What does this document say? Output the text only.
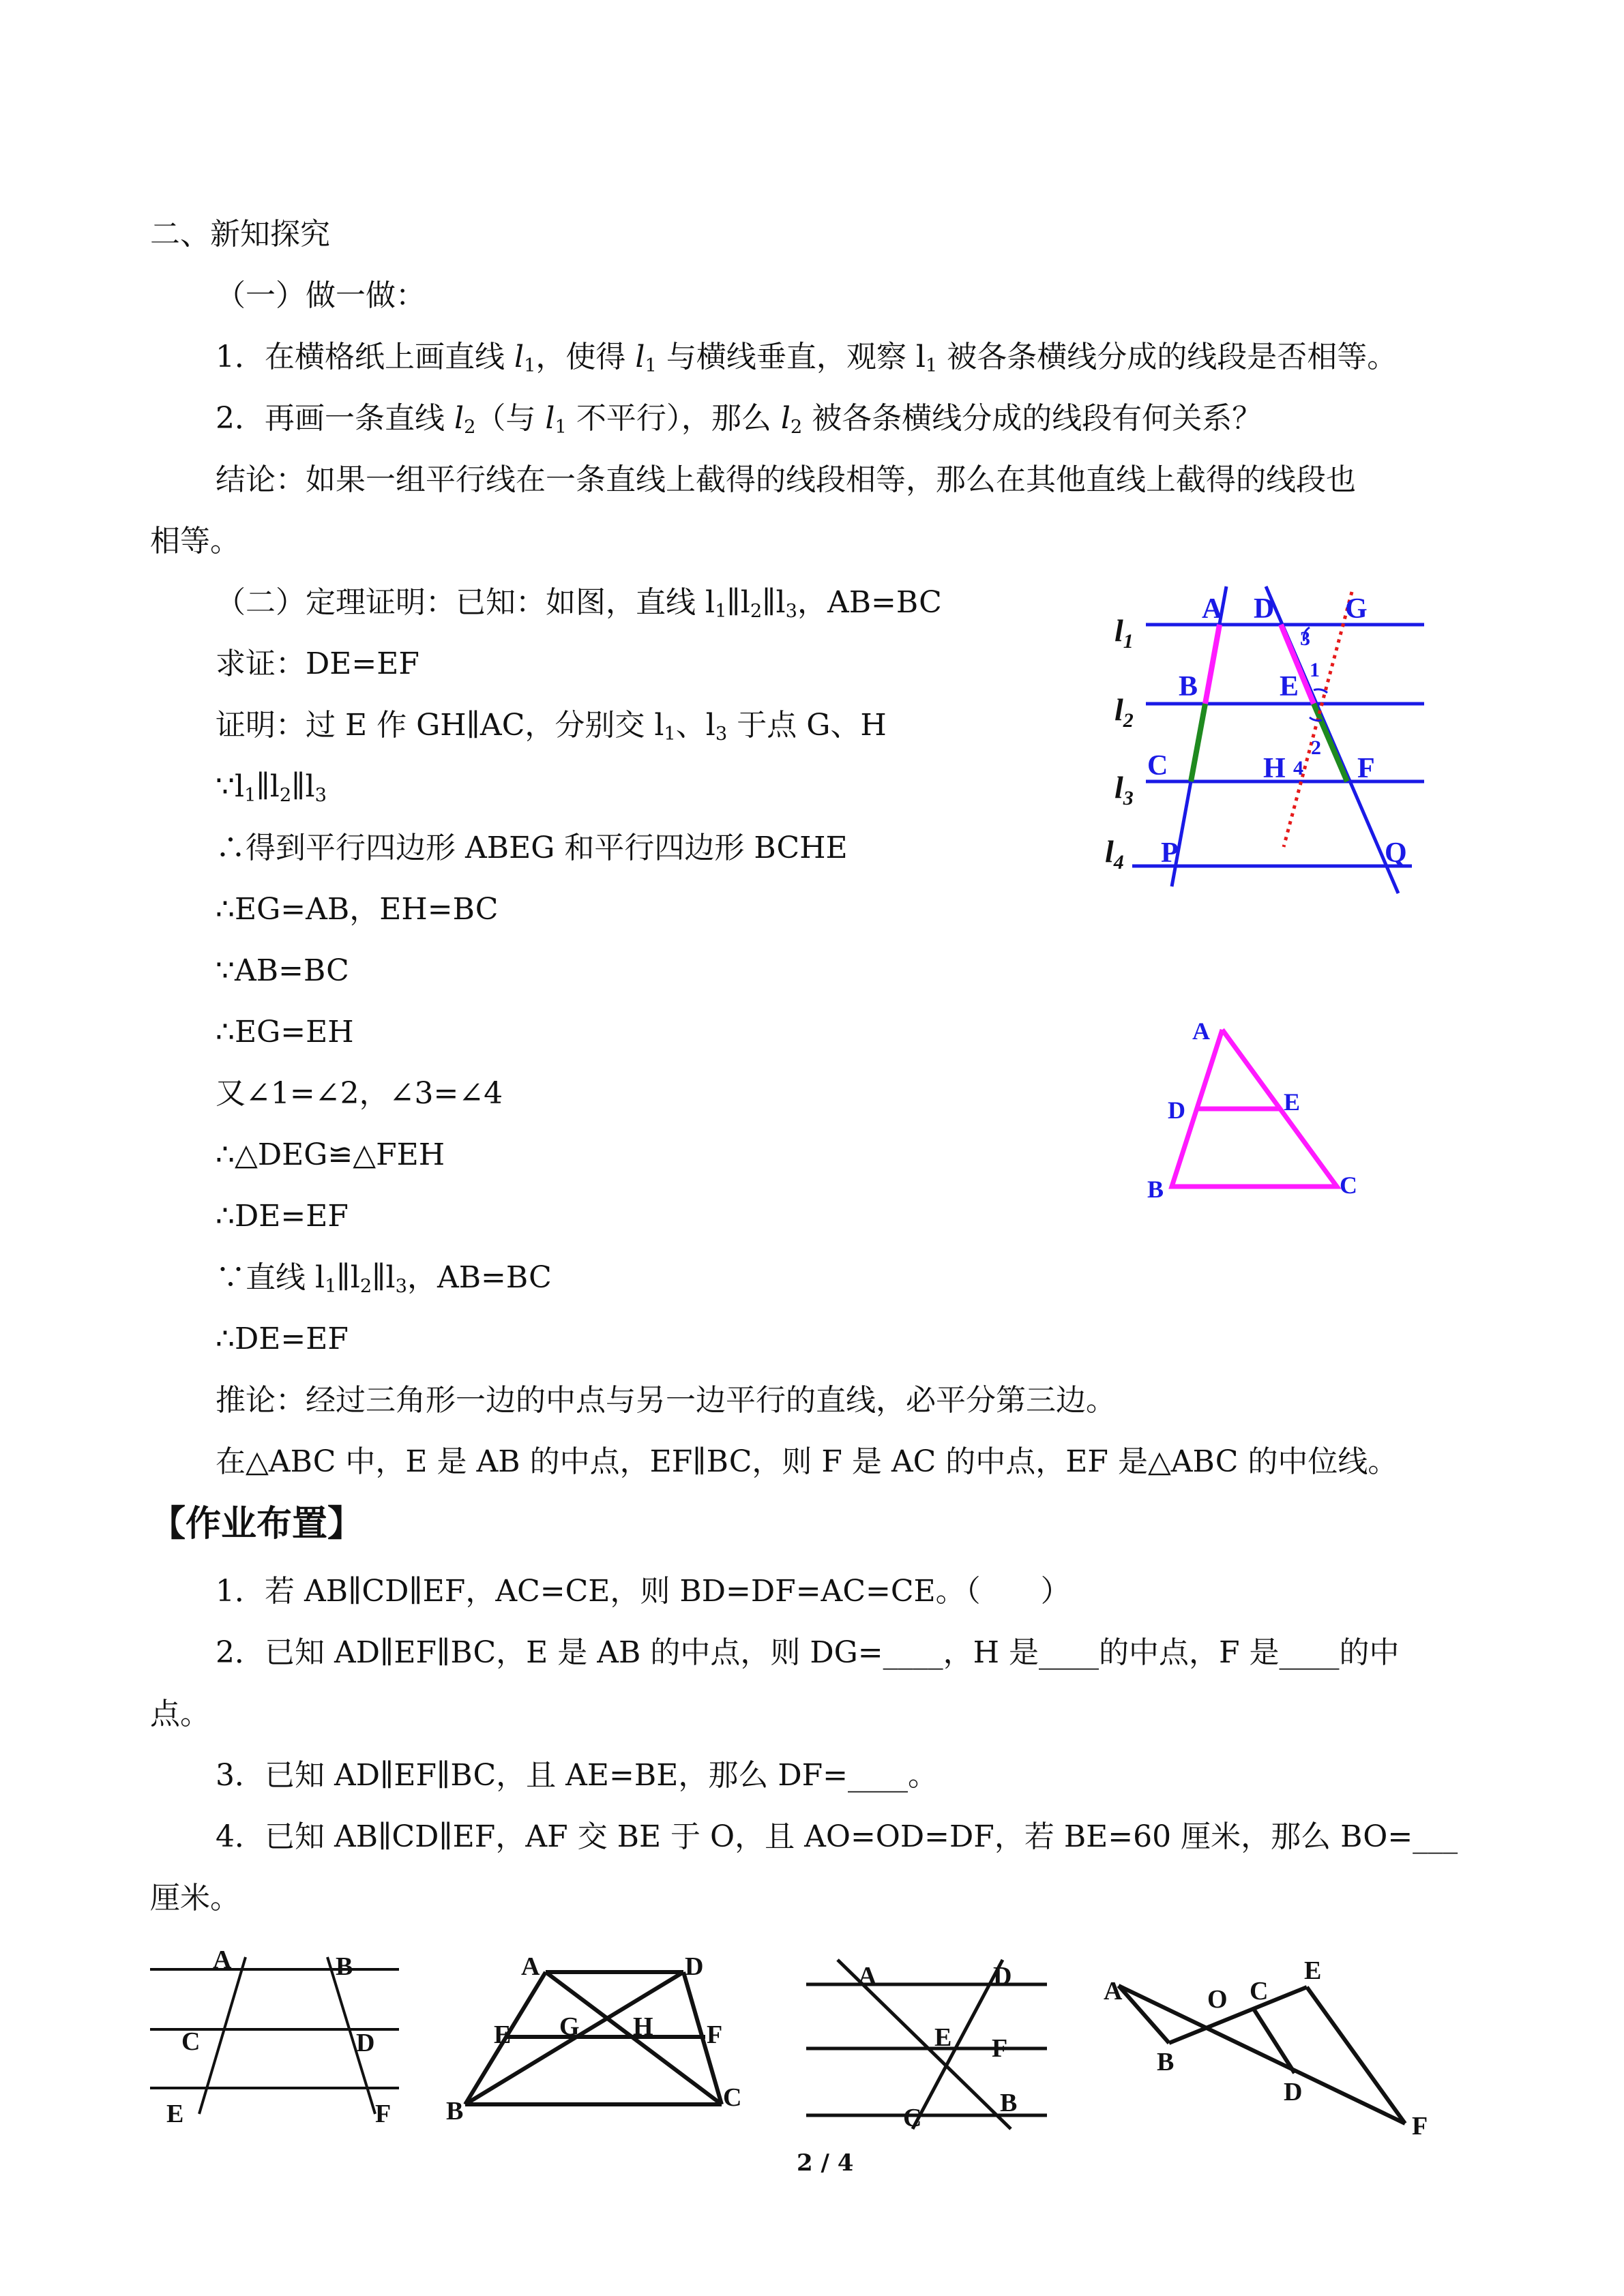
二、新知探究
（一）做一做：
1．在横格纸上画直线 $l_1$，使得 $l_1$ 与横线垂直，观察 $l_1$ 被各条横线分成的线段是否相等。
2．再画一条直线 $l_2$（与 $l_1$ 不平行），那么 $l_2$ 被各条横线分成的线段有何关系？
结论：如果一组平行线在一条直线上截得的线段相等，那么在其他直线上截得的线段也
相等。
（二）定理证明：已知：如图，直线 $l_1\parallel l_2\parallel l_3$，AB=BC
求证：DE=EF
证明：过 E 作 GH∥AC，分别交 $l_1$、$l_3$ 于点 G、H
$\because l_1\parallel l_2\parallel l_3$
∴得到平行四边形 ABEG 和平行四边形 BCHE
∴EG=AB，EH=BC
∵AB=BC
∴EG=EH
又∠1=∠2，∠3=∠4
∴△DEG≌△FEH
∴DE=EF
∵直线 $l_1\parallel l_2\parallel l_3$，AB=BC
∴DE=EF
推论：经过三角形一边的中点与另一边平行的直线，必平分第三边。
在△ABC 中，E 是 AB 的中点，EF∥BC，则 F 是 AC 的中点，EF 是△ABC 的中位线。
【作业布置】
1．若 AB∥CD∥EF，AC=CE，则 BD=DF=AC=CE。（　　）
2．已知 AD∥EF∥BC，E 是 AB 的中点，则 DG=____，H 是____的中点，F 是____的中
点。
3．已知 AD∥EF∥BC，且 AE=BE，那么 DF=____。
4．已知 AB∥CD∥EF，AF 交 BE 于 O，且 AO=OD=DF，若 BE=60 厘米，那么 BO=___
厘米。
2 / 4
$l_1$
$l_2$
$l_3$
$l_4$
A D G
B	E
C	H	F
P	Q
3
1
2
4
A
D	E
B	C
A	B
C	D
E	F
A	D
E G H F
B	C
A	D
E F
C
B
A	O C
E
B
D
F
